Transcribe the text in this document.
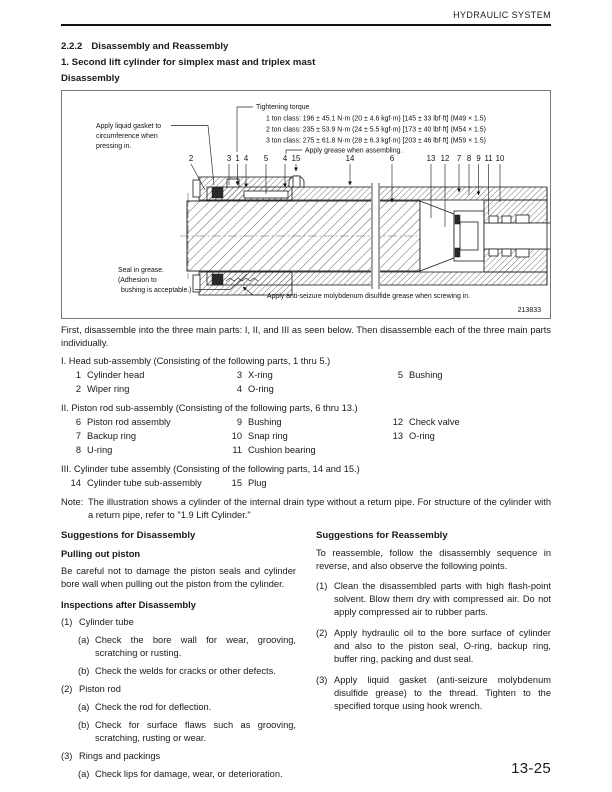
HYDRAULIC SYSTEM
2.2.2 Disassembly and Reassembly
1. Second lift cylinder for simplex mast and triplex mast
Disassembly
Tightening torque
1 ton class: 196 ± 45.1 N·m (20 ± 4.6 kgf·m) [145 ± 33 lbf·ft] (M49 × 1.5)
2 ton class: 235 ± 53.9 N·m (24 ± 5.5 kgf·m) [173 ± 40 lbf·ft] (M54 × 1.5)
3 ton class: 275 ± 61.8 N·m (28 ± 6.3 kgf·m) [203 ± 46 lbf·ft] (M59 × 1.5)
Apply grease when assembling.
Apply liquid gasket to
circumference when
pressing in.
Seal in grease.
(Adhesion to
bushing is acceptable.)
Apply anti-seizure molybdenum disulfide grease when screwing in.
2	3 1 4 5 4 15	14	6	13 12 7 8 9 11 10
213833
First, disassemble into the three main parts: I, II, and III as seen below. Then disassemble each of the three main parts individually.
I. Head sub-assembly (Consisting of the following parts, 1 thru 5.)
1 Cylinder head	3 X-ring	5 Bushing
2 Wiper ring	4 O-ring
II. Piston rod sub-assembly (Consisting of the following parts, 6 thru 13.)
6 Piston rod assembly	9 Bushing	12 Check valve
7 Backup ring	10 Snap ring	13 O-ring
8 U-ring	11 Cushion bearing
III. Cylinder tube assembly (Consisting of the following parts, 14 and 15.)
14 Cylinder tube sub-assembly	15 Plug
Note: The illustration shows a cylinder of the internal drain type without a return pipe. For structure of the cylinder with a return pipe, refer to "1.9 Lift Cylinder."
Suggestions for Disassembly
Pulling out piston

Be careful not to damage the piston seals and cylinder bore wall when pulling out the piston from the cylinder.

Inspections after Disassembly
(1) Cylinder tube
(a) Check the bore wall for wear, grooving, scratching or rusting.
(b) Check the welds for cracks or other defects.
(2) Piston rod
(a) Check the rod for deflection.
(b) Check for surface flaws such as grooving, scratching, rusting or wear.
(3) Rings and packings
(a) Check lips for damage, wear, or deterioration.
Suggestions for Reassembly

To reassemble, follow the disassembly sequence in reverse, and also observe the following points.

(1) Clean the disassembled parts with high flash-point solvent. Blow them dry with compressed air. Do not apply compressed air to rubber parts.
(2) Apply hydraulic oil to the bore surface of cylinder and also to the piston seal, O-ring, backup ring, buffer ring, packing and dust seal.
(3) Apply liquid gasket (anti-seizure molybdenum disulfide grease) to the thread. Tighten to the specified torque using hook wrench.
13-25
